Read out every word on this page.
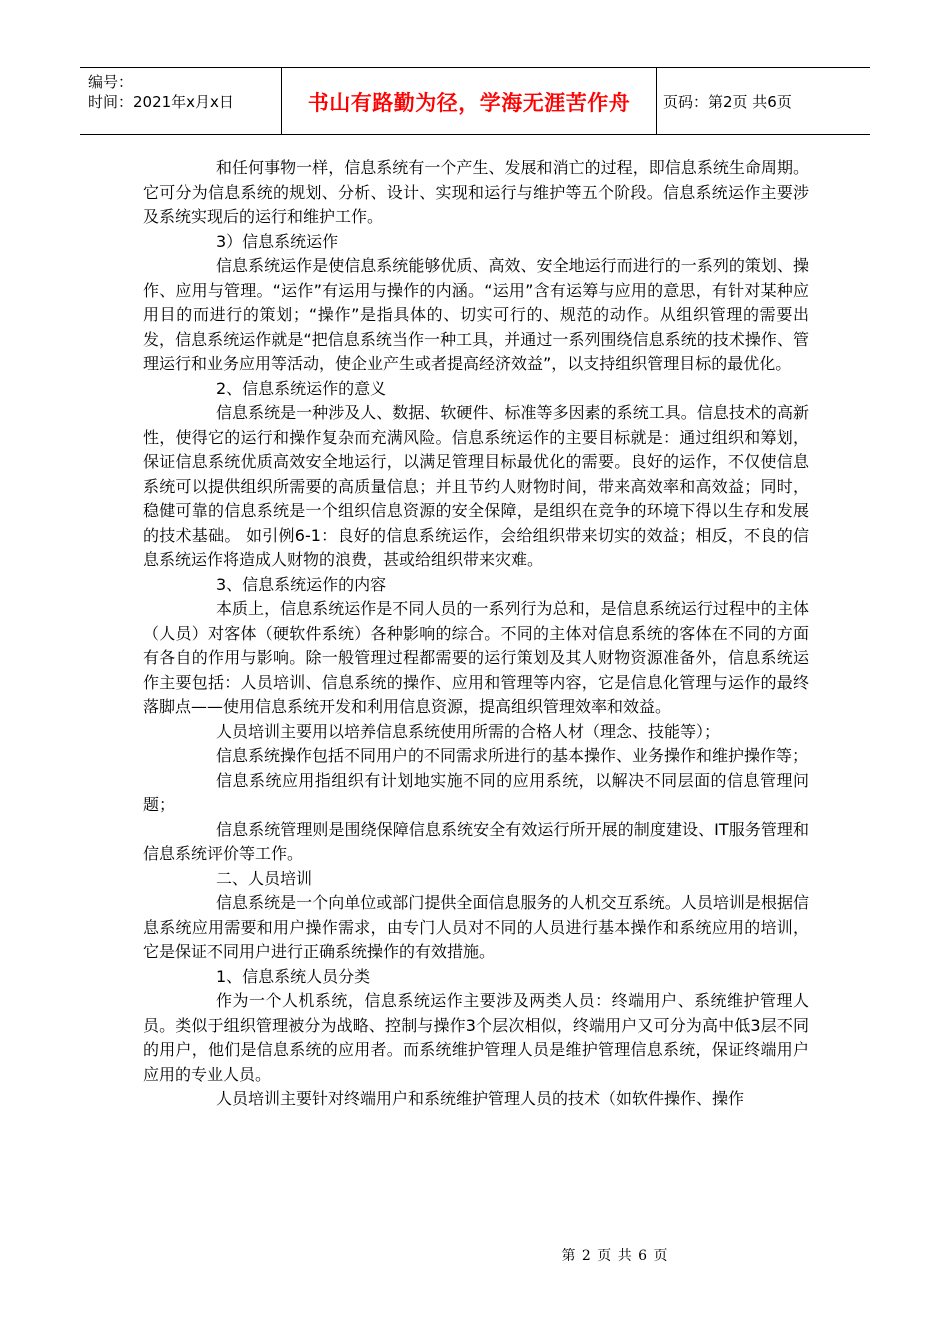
编号：
时间：2021年x月x日	书山有路勤为径，学海无涯苦作舟 页码：第2页 共6页

和任何事物一样，信息系统有一个产生、发展和消亡的过程，即信息系统生命周期。它可分为信息系统的规划、分析、设计、实现和运行与维护等五个阶段。信息系统运作主要涉及系统实现后的运行和维护工作。

3）信息系统运作

信息系统运作是使信息系统能够优质、高效、安全地运行而进行的一系列的策划、操作、应用与管理。“运作”有运用与操作的内涵。“运用”含有运筹与应用的意思，有针对某种应用目的而进行的策划；“操作”是指具体的、切实可行的、规范的动作。从组织管理的需要出发，信息系统运作就是“把信息系统当作一种工具，并通过一系列围绕信息系统的技术操作、管理运行和业务应用等活动，使企业产生或者提高经济效益”，以支持组织管理目标的最优化。

2、信息系统运作的意义

信息系统是一种涉及人、数据、软硬件、标准等多因素的系统工具。信息技术的高新性，使得它的运行和操作复杂而充满风险。信息系统运作的主要目标就是：通过组织和筹划，保证信息系统优质高效安全地运行，以满足管理目标最优化的需要。良好的运作，不仅使信息系统可以提供组织所需要的高质量信息；并且节约人财物时间，带来高效率和高效益；同时，稳健可靠的信息系统是一个组织信息资源的安全保障，是组织在竞争的环境下得以生存和发展的技术基础。 如引例6-1：良好的信息系统运作，会给组织带来切实的效益；相反，不良的信息系统运作将造成人财物的浪费，甚或给组织带来灾难。

3、信息系统运作的内容

本质上，信息系统运作是不同人员的一系列行为总和，是信息系统运行过程中的主体（人员）对客体（硬软件系统）各种影响的综合。不同的主体对信息系统的客体在不同的方面有各自的作用与影响。除一般管理过程都需要的运行策划及其人财物资源准备外，信息系统运作主要包括：人员培训、信息系统的操作、应用和管理等内容，它是信息化管理与运作的最终落脚点——使用信息系统开发和利用信息资源，提高组织管理效率和效益。

人员培训主要用以培养信息系统使用所需的合格人材（理念、技能等）；

信息系统操作包括不同用户的不同需求所进行的基本操作、业务操作和维护操作等；

信息系统应用指组织有计划地实施不同的应用系统，以解决不同层面的信息管理问题；

信息系统管理则是围绕保障信息系统安全有效运行所开展的制度建设、IT服务管理和信息系统评价等工作。

二、人员培训

信息系统是一个向单位或部门提供全面信息服务的人机交互系统。人员培训是根据信息系统应用需要和用户操作需求，由专门人员对不同的人员进行基本操作和系统应用的培训，它是保证不同用户进行正确系统操作的有效措施。

1、信息系统人员分类

作为一个人机系统，信息系统运作主要涉及两类人员：终端用户、系统维护管理人员。类似于组织管理被分为战略、控制与操作3个层次相似，终端用户又可分为高中低3层不同的用户，他们是信息系统的应用者。而系统维护管理人员是维护管理信息系统，保证终端用户应用的专业人员。

人员培训主要针对终端用户和系统维护管理人员的技术（如软件操作、操作

第 2 页 共 6 页
